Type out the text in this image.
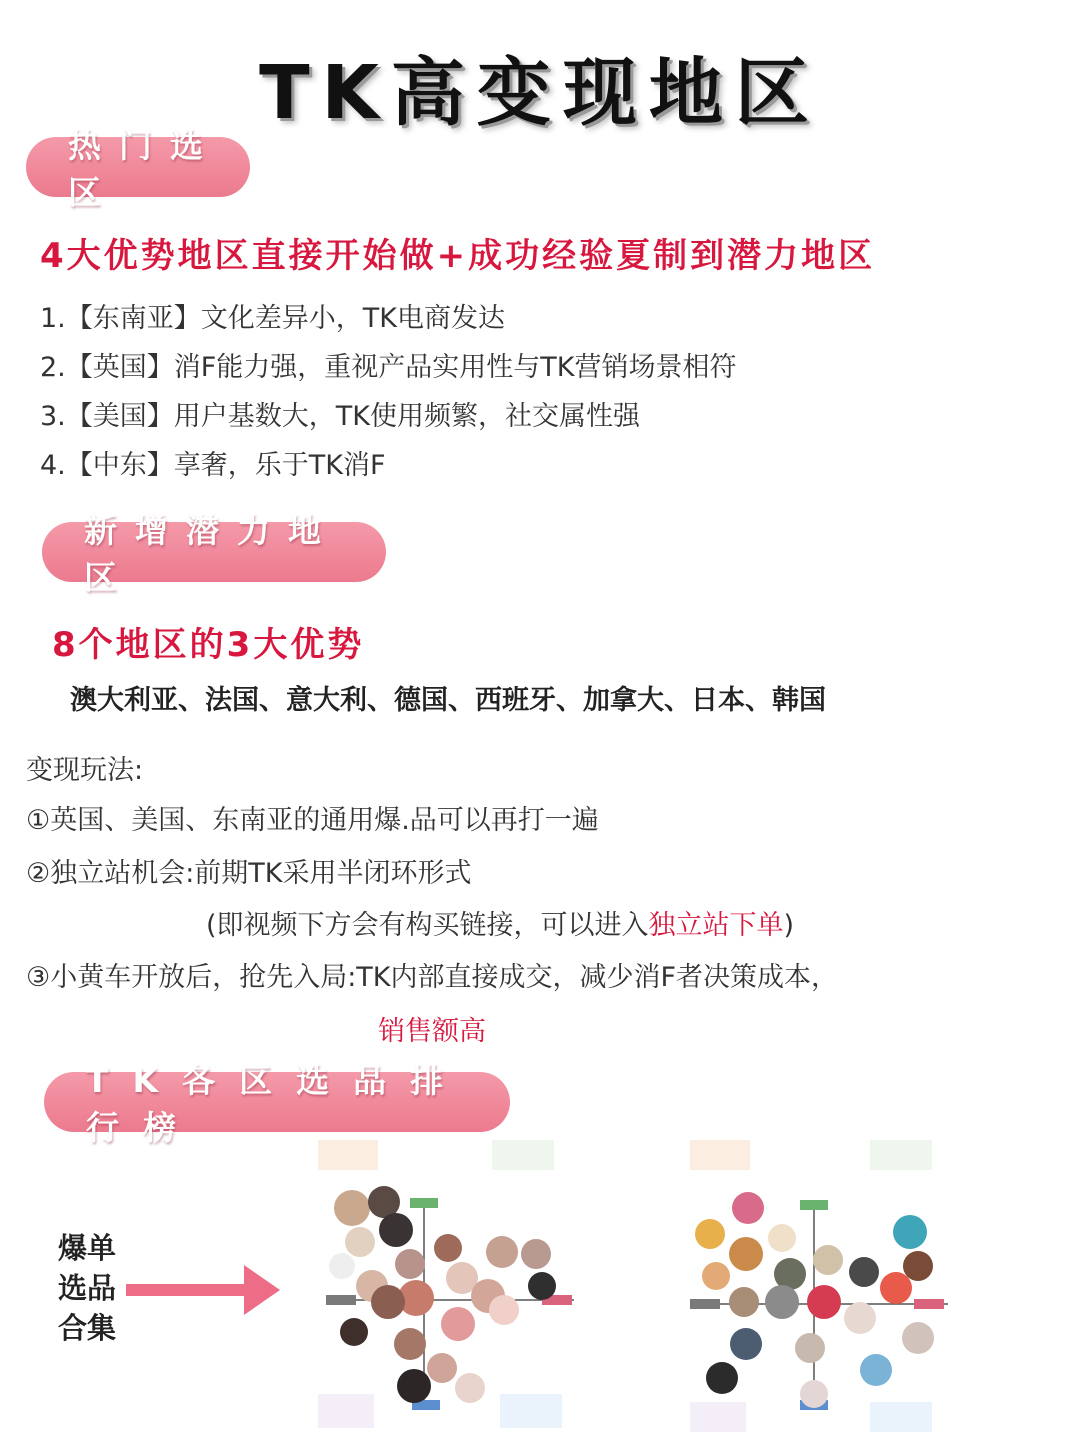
TK高变现地区
热门选区
4大优势地区直接开始做+成功经验夏制到潜力地区
1.【东南亚】文化差异小，TK电商发达
2.【英国】消F能力强，重视产品实用性与TK营销场景相符
3.【美国】用户基数大，TK使用频繁，社交属性强
4.【中东】享奢，乐于TK消F
新增潜力地区
8个地区的3大优势
澳大利亚、法国、意大利、德国、西班牙、加拿大、日本、韩国
变现玩法:
①英国、美国、东南亚的通用爆.品可以再打一遍
②独立站机会:前期TK采用半闭环形式
(即视频下方会有构买链接，可以进入独立站下单)
③小黄车开放后，抢先入局:TK内部直接成交，减少消F者决策成本，
销售额高
TK各区选品排行榜
爆单选品合集
